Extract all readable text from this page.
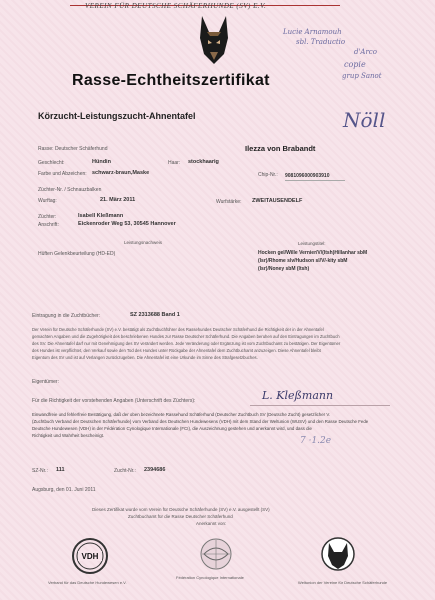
VEREIN FÜR DEUTSCHE SCHÄFERHUNDE (SV) E.V.
Lucie Arnamouh
sbl. Traductio
d'Arco
copie
grup Sanot
Nöll
Rasse-Echtheitszertifikat
Körzucht-Leistungszucht-Ahnentafel
Rasse: Deutscher Schäferhund	Ilezza von Brabandt
Geschlecht:	Hündin	Haar: stockhaarig
Farbe und Abzeichen: schwarz-braun,Maske	Chip-Nr.: 9081096000903910
Züchter-Nr. / Schnauzbalken
Wurftag:	21. März 2011	Wurfstärke: ZWEITAUSENDELF
Züchter:	Isabell Kleßmann
Anschrift:	Eickenroder Weg 53, 30545 Hannover
Leistungsnachweis
Hüften Gelenkbeurteilung (HD-ED)
Leistungstitel:
Hocken gel/Wille Vernier/V/(ltsh)Hillanhar sbM
(lsr)/Rhome slv/Hudson sl/V/-kity sbM
(lsr)/Noney sbM (ltsh)
Eintragung in die Zuchtbücher:	SZ 2313688 Band 1
Der Verein für Deutsche Schäferhunde (SV) e.V. bestätigt als Zuchtbuchführer des Rassehundes Deutscher Schäferhund die Richtigkeit der in der Ahnentafel
gemachten Angaben und die Zugehörigkeit des beschriebenen Hundes zur Rasse Deutscher Schäferhund. Die Angaben beruhen auf den Eintragungen im Zuchtbuch
des SV. Die Ahnentafel darf nur mit Genehmigung des SV verändert werden. Jede Veränderung oder Ergänzung ist vom Zuchtbuchamt zu bestätigen. Der Eigentümer
des Hundes ist verpflichtet, den Verkauf sowie den Tod des Hundes unter Rückgabe der Ahnentafel dem Zuchtbuchamt anzuzeigen. Diese Ahnentafel bleibt
Eigentum des SV und ist auf Verlangen zurückzugeben. Die Ahnentafel ist eine Urkunde im Sinne des Strafgesetzbuches.
Eigentümer:
Für die Richtigkeit der vorstehenden Angaben (Unterschrift des Züchters):	L. Kleßmann
Einwandfreie und fehlerfreie Bestätigung, daß der oben bezeichnete Rassehund Schäferhund (Deutscher Zuchtbuch SV (Deutsche Zucht) gesetzlicher V.
(Zuchtbuch Verband der Deutschen Schäferhunde) vom Verband des Deutschen Hundewesens (VDH) mit dem Stand der Weltunion (WUSV) und den Rasse Deutsche Fede
Deutsche Hundewesen (VDH) in der Fédération Cynologique Internationale (FCI), die Auszeichnung gestehen und anerkannt wird, und dass die
Richtigkeit und Wahrheit bescheinigt.
7 ·1.2e
SZ-Nr.: 111	Zucht-Nr.: 2394686
Augsburg, den 01. Juni 2011
Dieses Zertifikat wurde vom Verein für Deutsche Schäferhunde (SV) e.V. ausgestellt (SV)
Zuchtbuchamt für die Rasse Deutscher Schäferhund
Anerkannt von:
VDH
Verband für das Deutsche Hundewesen e.V.
Fédération Cynologique Internationale
Weltunion der Vereine für Deutsche Schäferhunde
